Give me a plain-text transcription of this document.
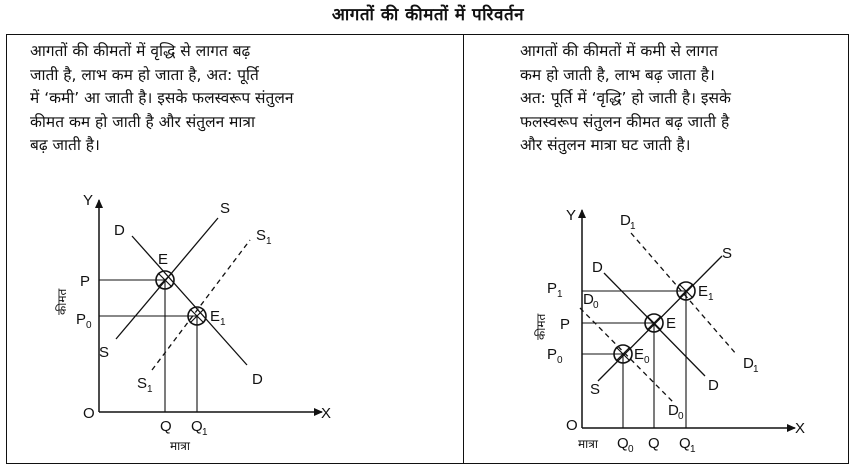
आगतों की कीमतों में परिवर्तन

आगतों की कीमतों में वृद्धि से लागत बढ़
जाती है, लाभ कम हो जाता है, अत: पूर्ति
में ‘कमी’ आ जाती है। इसके फलस्वरूप संतुलन
कीमत कम हो जाती है और संतुलन मात्रा
बढ़ जाती है।

आगतों की कीमतों में कमी से लागत
कम हो जाती है, लाभ बढ़ जाता है।
अत: पूर्ति में ‘वृद्धि’ हो जाती है। इसके
फलस्वरूप संतुलन कीमत बढ़ जाती है
और संतुलन मात्रा घट जाती है।

Y
X
O
कीमत
मात्रा
D
D
S
S
S 1
S 1
E
E 1
P
P 0
Q Q 1
Y
X
O
कीमत
मात्रा
D 1
D 1
D
D
D 0
D 0
S
S
E 1
E
E 0
P 1
P
P 0
Q 0 Q Q 1
